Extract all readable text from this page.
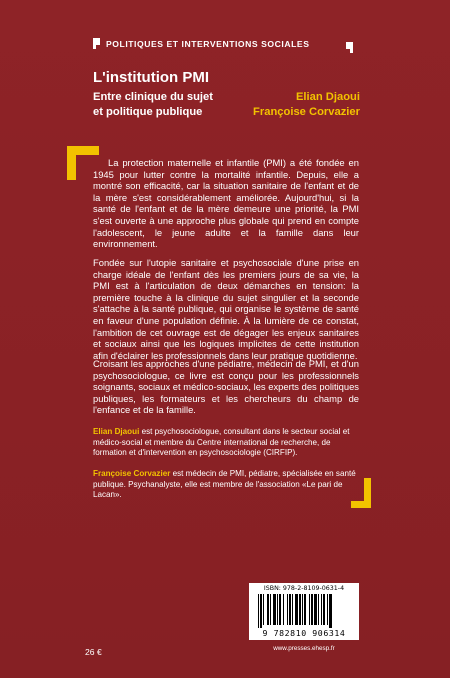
POLITIQUES ET INTERVENTIONS SOCIALES
L'institution PMI
Entre clinique du sujet
et politique publique
Elian Djaoui
Françoise Corvazier
La protection maternelle et infantile (PMI) a été fondée en 1945 pour lutter contre la mortalité infantile. Depuis, elle a montré son efficacité, car la situation sanitaire de l'enfant et de la mère s'est considérablement améliorée. Aujourd'hui, si la santé de l'enfant et de la mère demeure une priorité, la PMI s'est ouverte à une approche plus globale qui prend en compte l'adolescent, le jeune adulte et la famille dans leur environnement.
Fondée sur l'utopie sanitaire et psychosociale d'une prise en charge idéale de l'enfant dès les premiers jours de sa vie, la PMI est à l'articulation de deux démarches en tension: la première touche à la clinique du sujet singulier et la seconde s'attache à la santé publique, qui organise le système de santé en faveur d'une population définie. À la lumière de ce constat, l'ambition de cet ouvrage est de dégager les enjeux sanitaires et sociaux ainsi que les logiques implicites de cette institution afin d'éclairer les professionnels dans leur pratique quotidienne.
Croisant les approches d'une pédiatre, médecin de PMI, et d'un psychosociologue, ce livre est conçu pour les professionnels soignants, sociaux et médico-sociaux, les experts des politiques publiques, les formateurs et les chercheurs du champ de l'enfance et de la famille.
Elian Djaoui est psychosociologue, consultant dans le secteur social et médico-social et membre du Centre international de recherche, de formation et d'intervention en psychosociologie (CIRFIP).
Françoise Corvazier est médecin de PMI, pédiatre, spécialisée en santé publique. Psychanalyste, elle est membre de l'association «Le pari de Lacan».
ISBN: 978-2-8109-0631-4
9 782810 906314
www.presses.ehesp.fr
26 €
